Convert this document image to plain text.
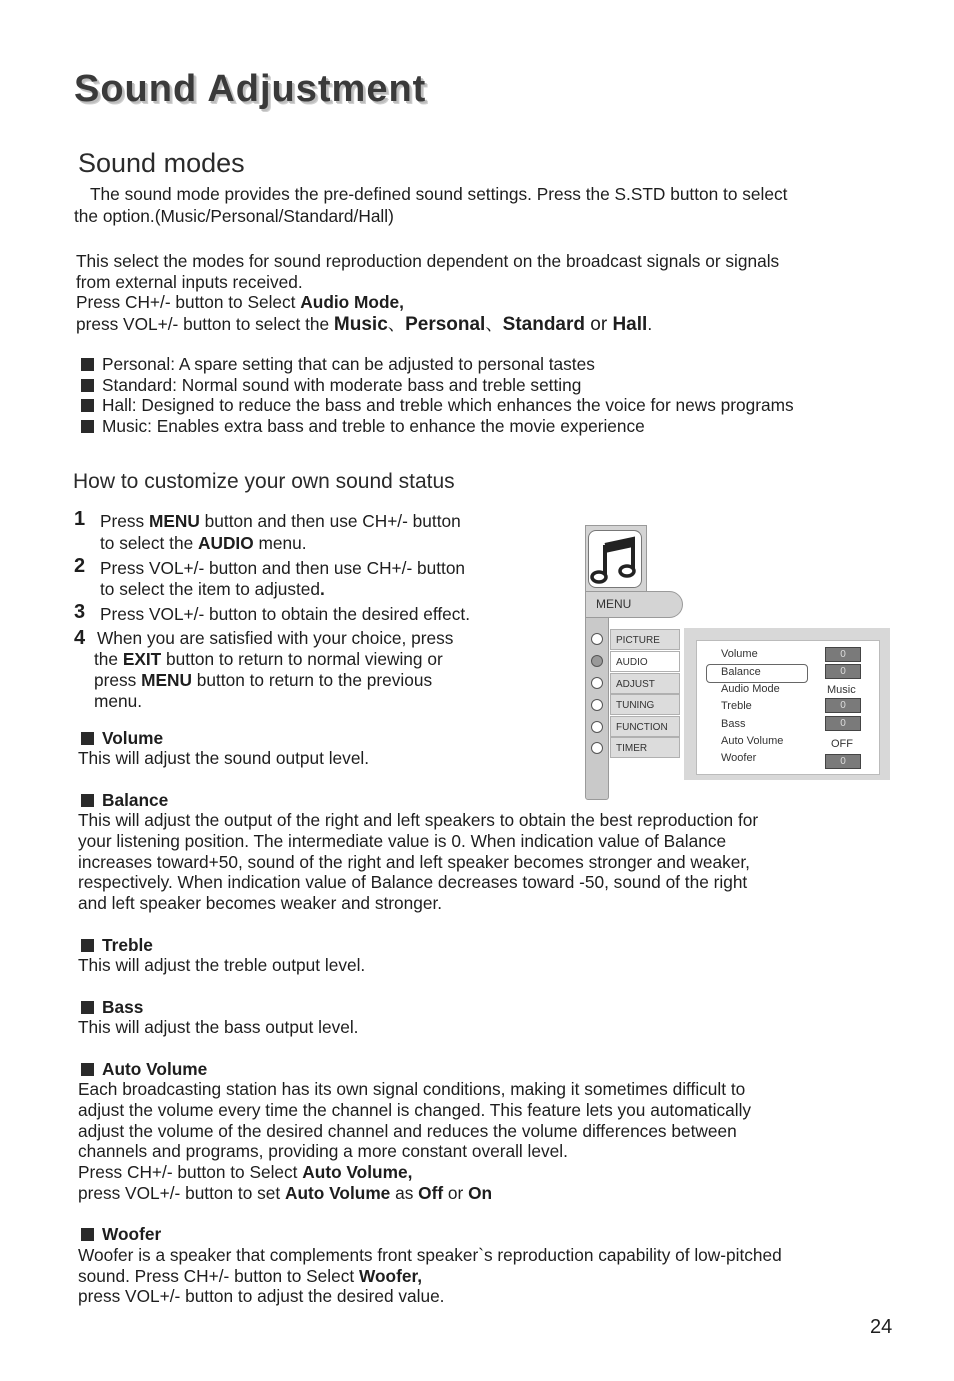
Sound Adjustment
Sound modes

The sound mode provides the pre-defined sound settings. Press the S.STD button to select

the option.(Music/Personal/Standard/Hall)

This select the modes for sound reproduction dependent on the broadcast signals or signals

from external inputs received.

Press CH+/- button to Select Audio Mode,

press VOL+/- button to select the Music、Personal、Standard or Hall.

Personal: A spare setting that can be adjusted to personal tastes

Standard: Normal sound with moderate bass and treble setting

Hall: Designed to reduce the bass and treble which enhances the voice for news programs

Music: Enables extra bass and treble to enhance the movie experience

How to customize your own sound status
1 Press MENU button and then use CH+/- button

to select the AUDIO menu.

2 Press VOL+/- button and then use CH+/- button

to select the item to adjusted.

3 Press VOL+/- button to obtain the desired effect.

4 When you are satisfied with your choice, press

the EXIT button to return to normal viewing or

press MENU button to return to the previous

menu.

MENU
PICTURE
AUDIO
ADJUST
TUNING
FUNCTION
TIMER
Volume
Balance
Audio Mode
Treble
Bass
Auto Volume
Woofer
0
0
Music
0
0
OFF
0
Volume

This will adjust the sound output level.

Balance

This will adjust the output of the right and left speakers to obtain the best reproduction for

your listening position. The intermediate value is 0. When indication value of Balance

increases toward+50, sound of the right and left speaker becomes stronger and weaker,

respectively. When indication value of Balance decreases toward -50, sound of the right

and left speaker becomes weaker and stronger.

Treble

This will adjust the treble output level.

Bass

This will adjust the bass output level.

Auto Volume

Each broadcasting station has its own signal conditions, making it sometimes difficult to

adjust the volume every time the channel is changed. This feature lets you automatically

adjust the volume of the desired channel and reduces the volume differences between

channels and programs, providing a more constant overall level.

Press CH+/- button to Select Auto Volume,

press VOL+/- button to set Auto Volume as Off or On

Woofer

Woofer is a speaker that complements front speaker`s reproduction capability of low-pitched

sound. Press CH+/- button to Select Woofer,

press VOL+/- button to adjust the desired value.

24
